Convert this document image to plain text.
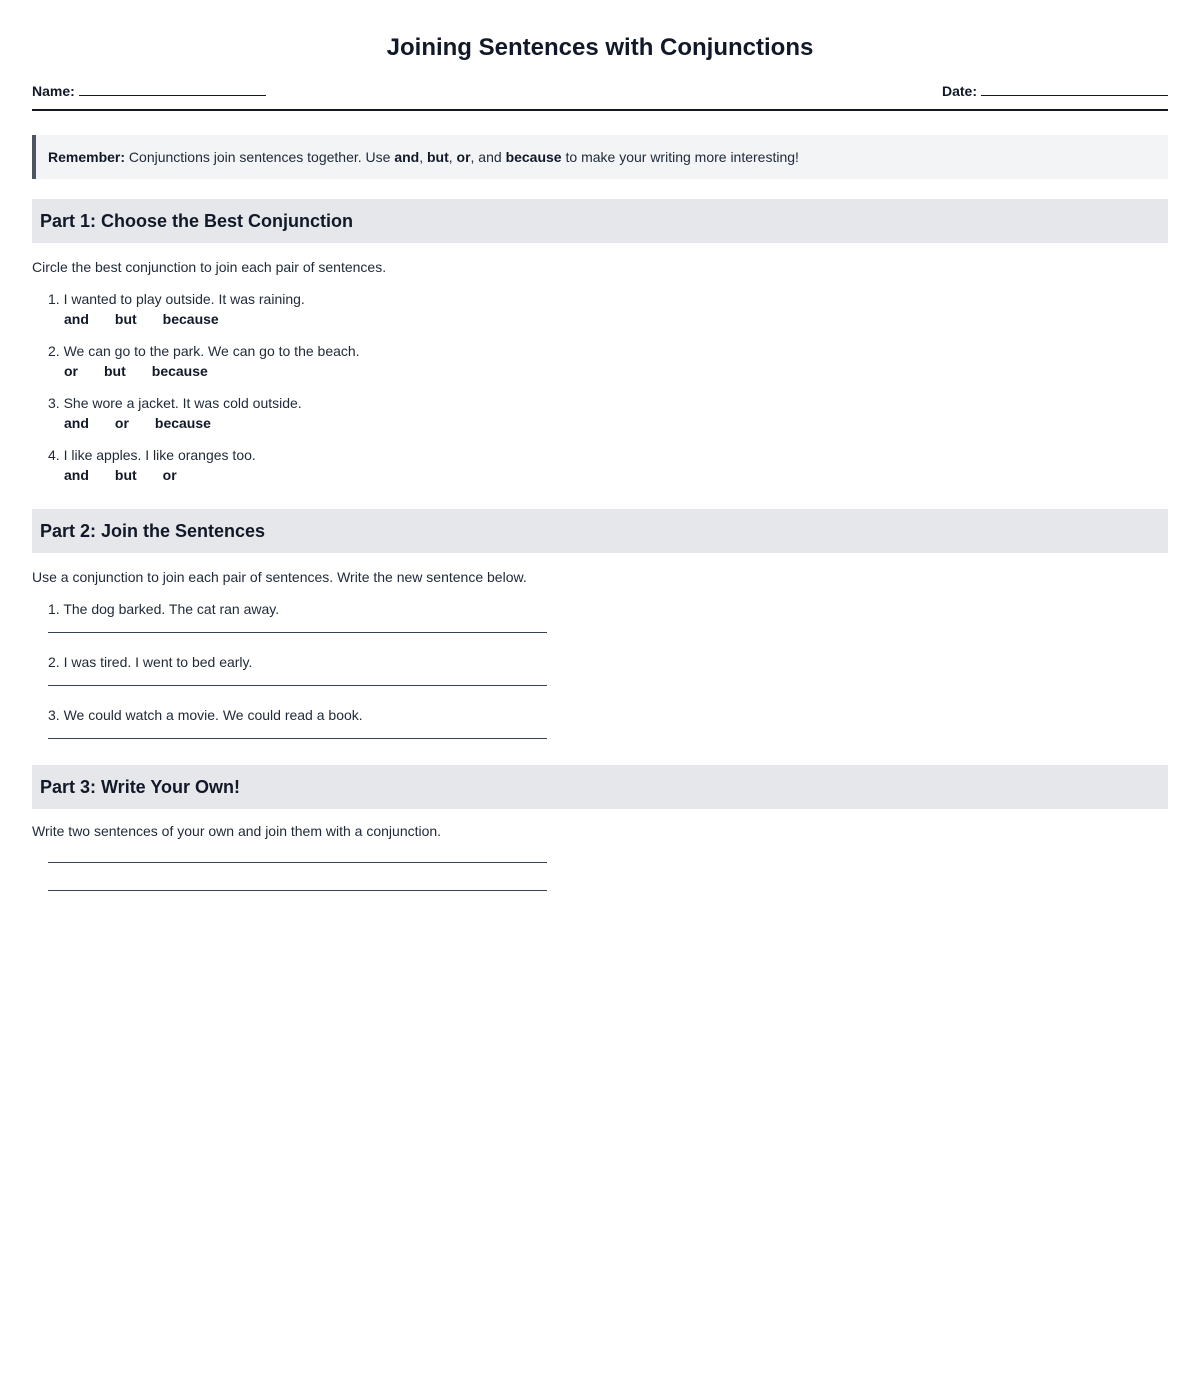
Joining Sentences with Conjunctions
Name:	Date:
Remember: Conjunctions join sentences together. Use and, but, or, and because to make your writing more interesting!
Part 1: Choose the Best Conjunction
Circle the best conjunction to join each pair of sentences.
1. I wanted to play outside. It was raining.
and but because
2. We can go to the park. We can go to the beach.
or but because
3. She wore a jacket. It was cold outside.
and or because
4. I like apples. I like oranges too.
and but or
Part 2: Join the Sentences
Use a conjunction to join each pair of sentences. Write the new sentence below.
1. The dog barked. The cat ran away.
2. I was tired. I went to bed early.
3. We could watch a movie. We could read a book.
Part 3: Write Your Own!
Write two sentences of your own and join them with a conjunction.
